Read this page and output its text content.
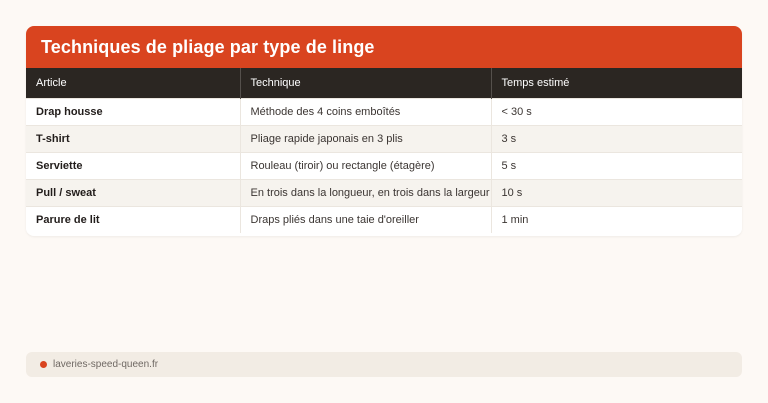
Techniques de pliage par type de linge
Article	Technique	Temps estimé
Drap housse	Méthode des 4 coins emboîtés	< 30 s
T-shirt	Pliage rapide japonais en 3 plis	3 s
Serviette	Rouleau (tiroir) ou rectangle (étagère)	5 s
Pull / sweat	En trois dans la longueur, en trois dans la largeur	10 s
Parure de lit	Draps pliés dans une taie d'oreiller	1 min
laveries-speed-queen.fr
